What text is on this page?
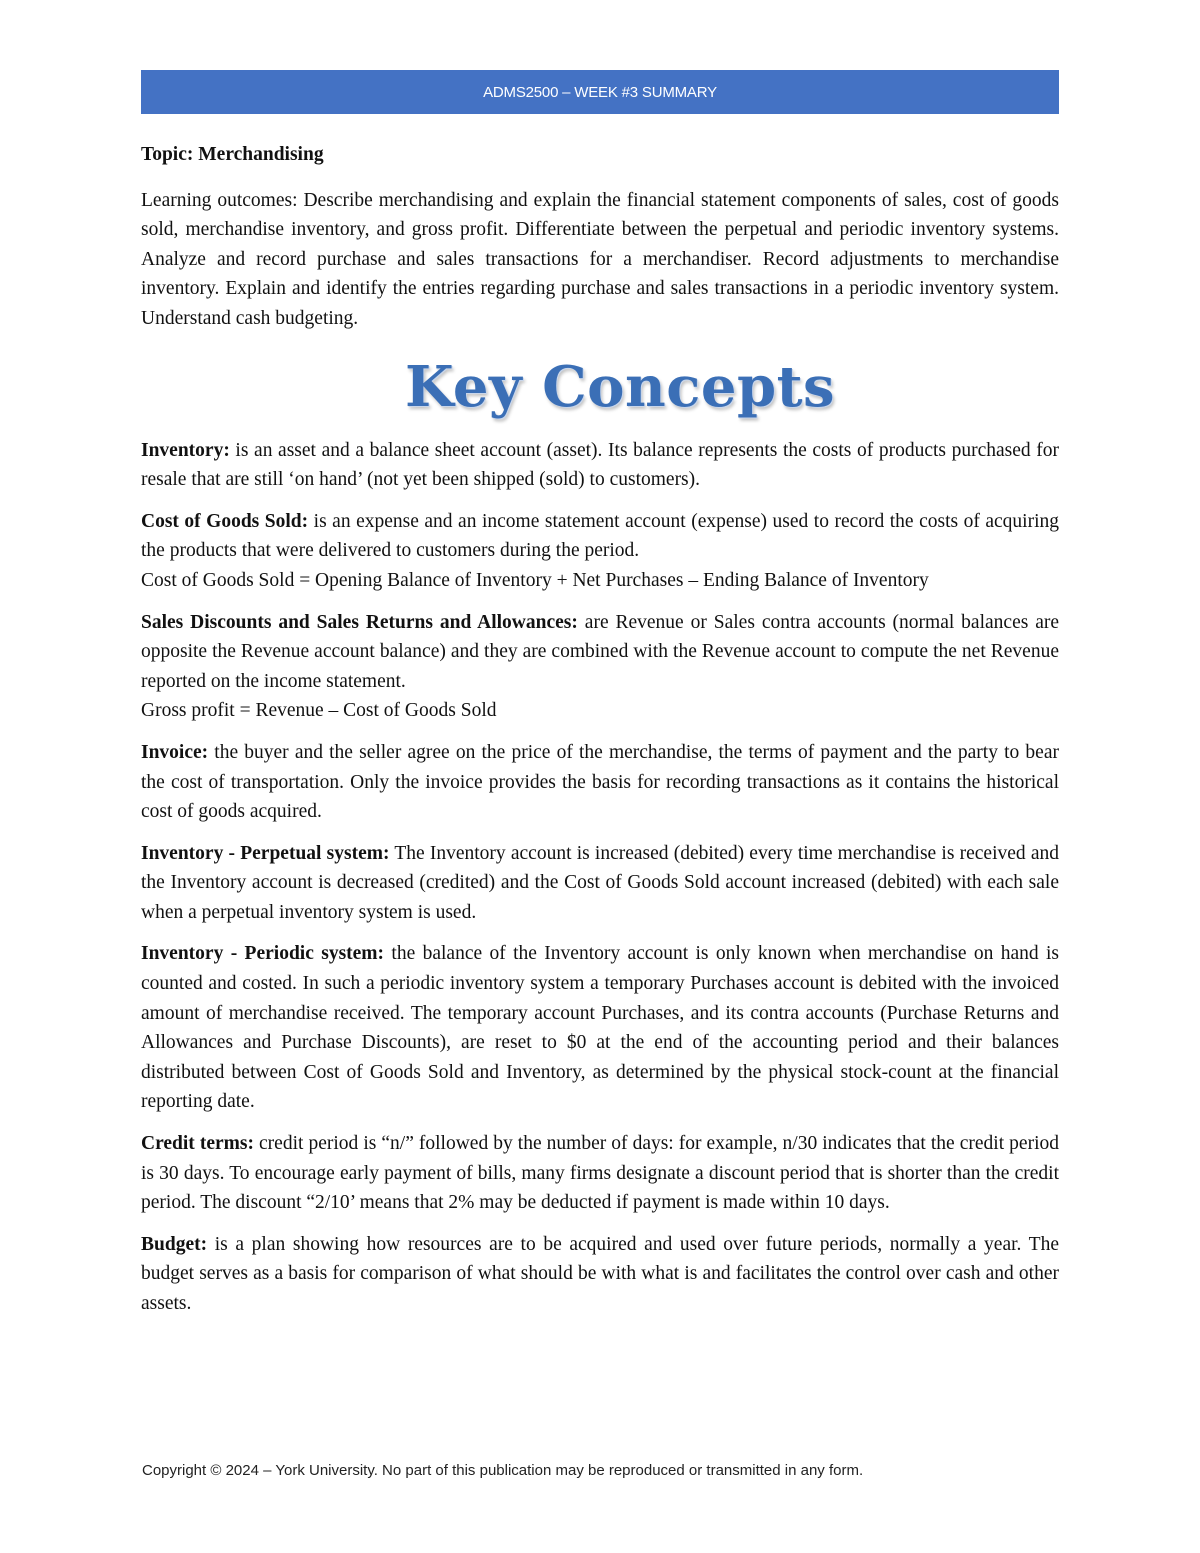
ADMS2500 – WEEK #3 SUMMARY

Topic: Merchandising

Learning outcomes: Describe merchandising and explain the financial statement components of sales, cost of goods sold, merchandise inventory, and gross profit. Differentiate between the perpetual and periodic inventory systems. Analyze and record purchase and sales transactions for a merchandiser. Record adjustments to merchandise inventory. Explain and identify the entries regarding purchase and sales transactions in a periodic inventory system. Understand cash budgeting.

Key Concepts

Inventory: is an asset and a balance sheet account (asset). Its balance represents the costs of products purchased for resale that are still ‘on hand’ (not yet been shipped (sold) to customers).

Cost of Goods Sold: is an expense and an income statement account (expense) used to record the costs of acquiring the products that were delivered to customers during the period.

Cost of Goods Sold = Opening Balance of Inventory + Net Purchases – Ending Balance of Inventory

Sales Discounts and Sales Returns and Allowances: are Revenue or Sales contra accounts (normal balances are opposite the Revenue account balance) and they are combined with the Revenue account to compute the net Revenue reported on the income statement.

Gross profit = Revenue – Cost of Goods Sold

Invoice: the buyer and the seller agree on the price of the merchandise, the terms of payment and the party to bear the cost of transportation. Only the invoice provides the basis for recording transactions as it contains the historical cost of goods acquired.

Inventory - Perpetual system: The Inventory account is increased (debited) every time merchandise is received and the Inventory account is decreased (credited) and the Cost of Goods Sold account increased (debited) with each sale when a perpetual inventory system is used.

Inventory - Periodic system: the balance of the Inventory account is only known when merchandise on hand is counted and costed. In such a periodic inventory system a temporary Purchases account is debited with the invoiced amount of merchandise received. The temporary account Purchases, and its contra accounts (Purchase Returns and Allowances and Purchase Discounts), are reset to $0 at the end of the accounting period and their balances distributed between Cost of Goods Sold and Inventory, as determined by the physical stock-count at the financial reporting date.

Credit terms: credit period is “n/” followed by the number of days: for example, n/30 indicates that the credit period is 30 days. To encourage early payment of bills, many firms designate a discount period that is shorter than the credit period. The discount “2/10’ means that 2% may be deducted if payment is made within 10 days.

Budget: is a plan showing how resources are to be acquired and used over future periods, normally a year. The budget serves as a basis for comparison of what should be with what is and facilitates the control over cash and other assets.

Copyright © 2024 – York University. No part of this publication may be reproduced or transmitted in any form.
